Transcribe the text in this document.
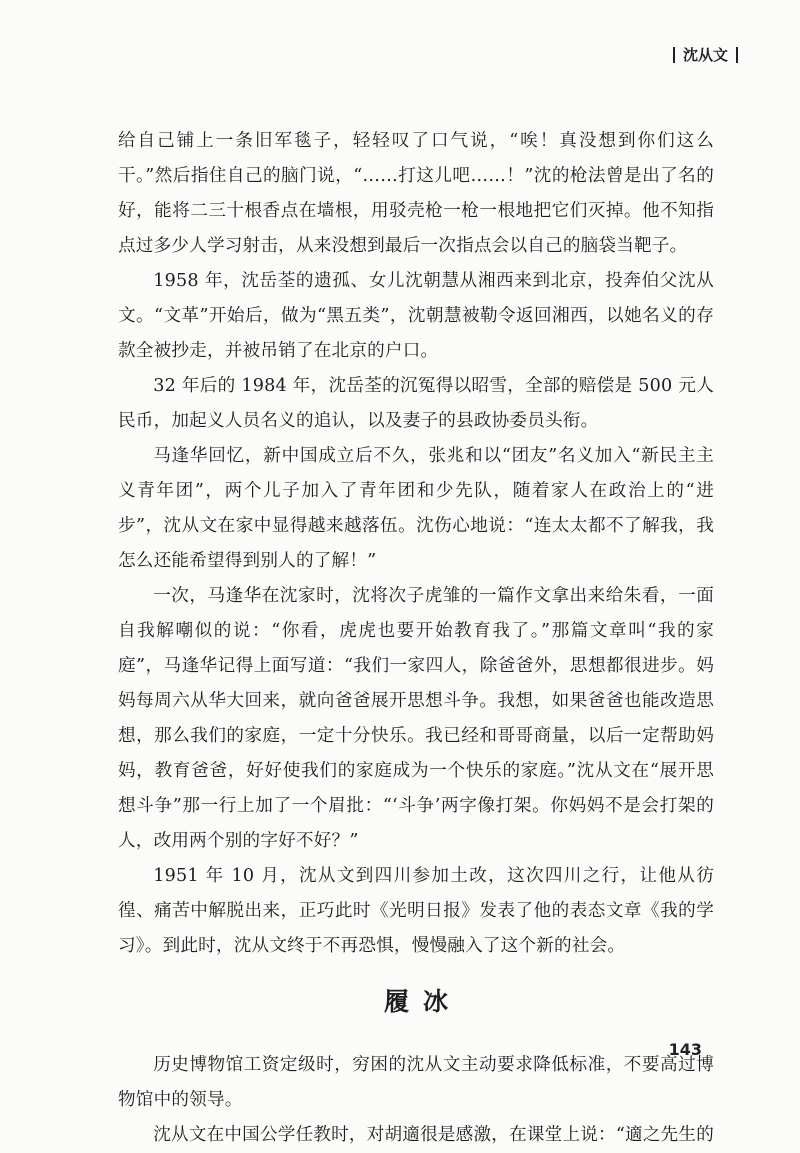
沈从文

给自己铺上一条旧军毯子，轻轻叹了口气说，“唉！真没想到你们这么干。”然后指住自己的脑门说，“……打这儿吧……！”沈的枪法曾是出了名的好，能将二三十根香点在墙根，用驳壳枪一枪一根地把它们灭掉。他不知指点过多少人学习射击，从来没想到最后一次指点会以自己的脑袋当靶子。

1958 年，沈岳荃的遗孤、女儿沈朝慧从湘西来到北京，投奔伯父沈从文。“文革”开始后，做为“黑五类”，沈朝慧被勒令返回湘西，以她名义的存款全被抄走，并被吊销了在北京的户口。

32 年后的 1984 年，沈岳荃的沉冤得以昭雪，全部的赔偿是 500 元人民币，加起义人员名义的追认，以及妻子的县政协委员头衔。

马逢华回忆，新中国成立后不久，张兆和以“团友”名义加入“新民主主义青年团”，两个儿子加入了青年团和少先队，随着家人在政治上的“进步”，沈从文在家中显得越来越落伍。沈伤心地说：“连太太都不了解我，我怎么还能希望得到别人的了解！”

一次，马逢华在沈家时，沈将次子虎雏的一篇作文拿出来给朱看，一面自我解嘲似的说：“你看，虎虎也要开始教育我了。”那篇文章叫“我的家庭”，马逢华记得上面写道：“我们一家四人，除爸爸外，思想都很进步。妈妈每周六从华大回来，就向爸爸展开思想斗争。我想，如果爸爸也能改造思想，那么我们的家庭，一定十分快乐。我已经和哥哥商量，以后一定帮助妈妈，教育爸爸，好好使我们的家庭成为一个快乐的家庭。”沈从文在“展开思想斗争”那一行上加了一个眉批：“‘斗争’两字像打架。你妈妈不是会打架的人，改用两个别的字好不好？”

1951 年 10 月，沈从文到四川参加土改，这次四川之行，让他从彷徨、痛苦中解脱出来，正巧此时《光明日报》发表了他的表态文章《我的学习》。到此时，沈从文终于不再恐惧，慢慢融入了这个新的社会。

履冰

历史博物馆工资定级时，穷困的沈从文主动要求降低标准，不要高过博物馆中的领导。

沈从文在中国公学任教时，对胡適很是感激，在课堂上说：“適之先生的

143
